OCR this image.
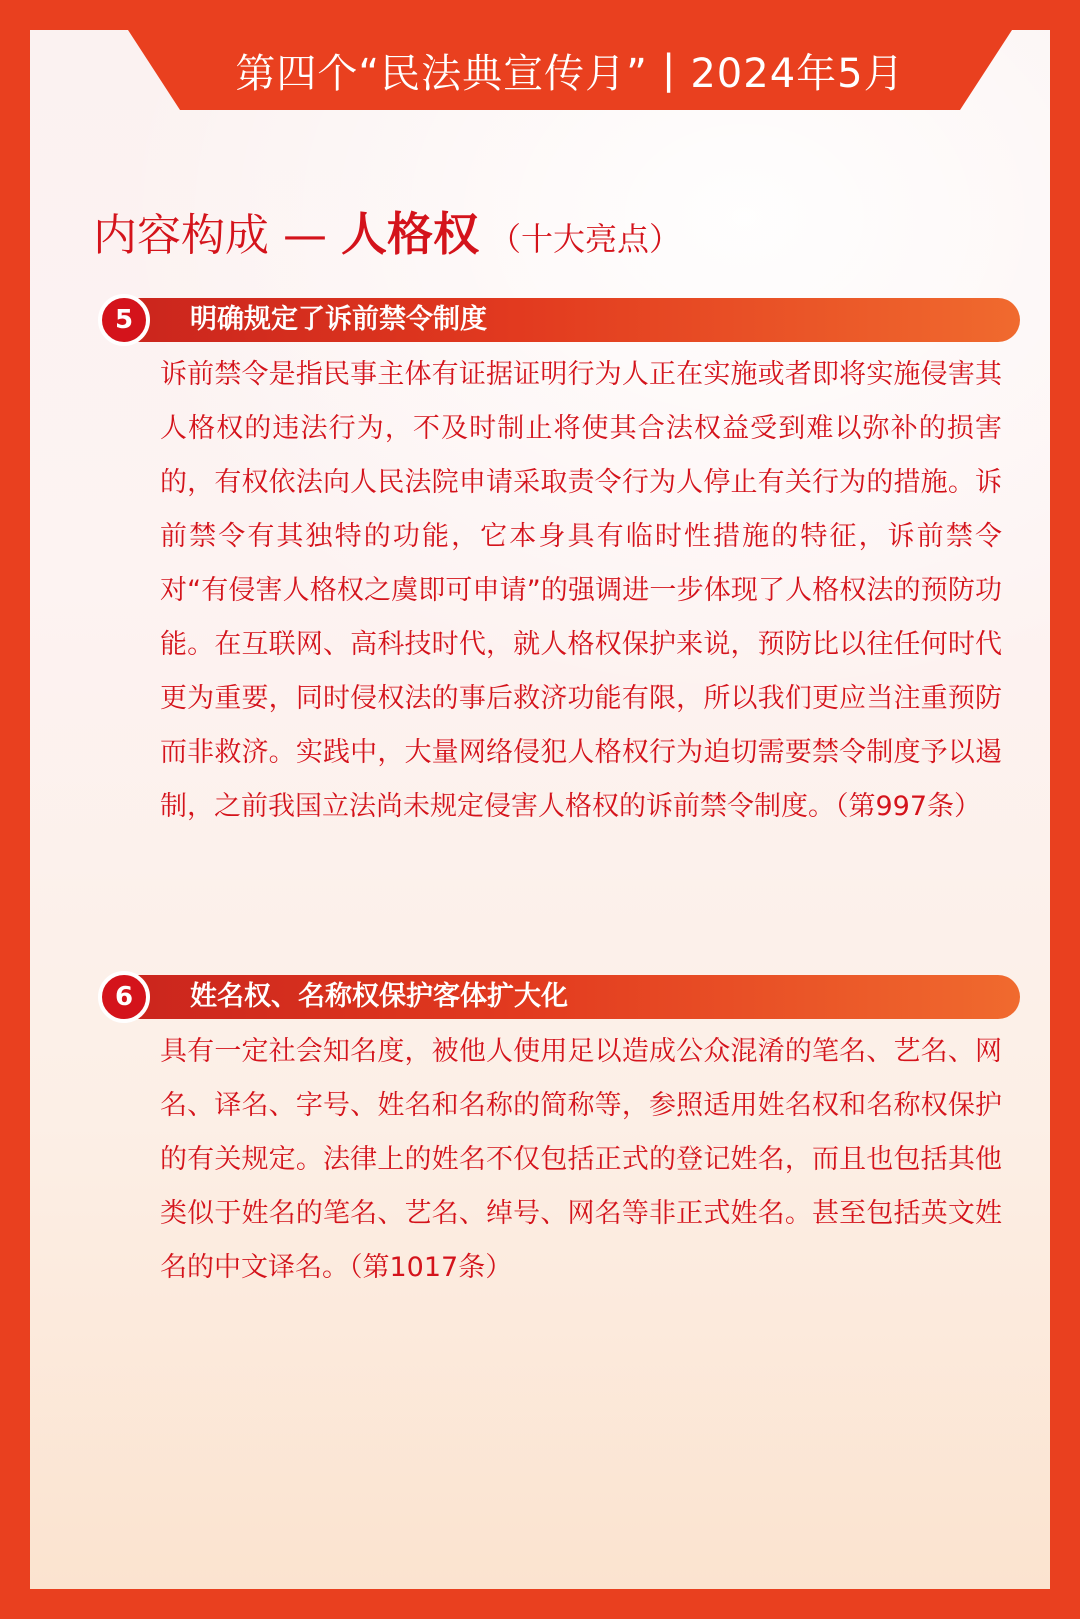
第四个“民法典宣传月” | 2024年5月
内容构成 — 人格权 （十大亮点）
5	明确规定了诉前禁令制度
诉前禁令是指民事主体有证据证明行为人正在实施或者即将实施侵害其人格权的违法行为，不及时制止将使其合法权益受到难以弥补的损害的，有权依法向人民法院申请采取责令行为人停止有关行为的措施。诉前禁令有其独特的功能，它本身具有临时性措施的特征，诉前禁令对“有侵害人格权之虞即可申请”的强调进一步体现了人格权法的预防功能。在互联网、高科技时代，就人格权保护来说，预防比以往任何时代更为重要，同时侵权法的事后救济功能有限，所以我们更应当注重预防而非救济。实践中，大量网络侵犯人格权行为迫切需要禁令制度予以遏制，之前我国立法尚未规定侵害人格权的诉前禁令制度。（第997条）
6	姓名权、名称权保护客体扩大化
具有一定社会知名度，被他人使用足以造成公众混淆的笔名、艺名、网名、译名、字号、姓名和名称的简称等，参照适用姓名权和名称权保护的有关规定。法律上的姓名不仅包括正式的登记姓名，而且也包括其他类似于姓名的笔名、艺名、绰号、网名等非正式姓名。甚至包括英文姓名的中文译名。（第1017条）
